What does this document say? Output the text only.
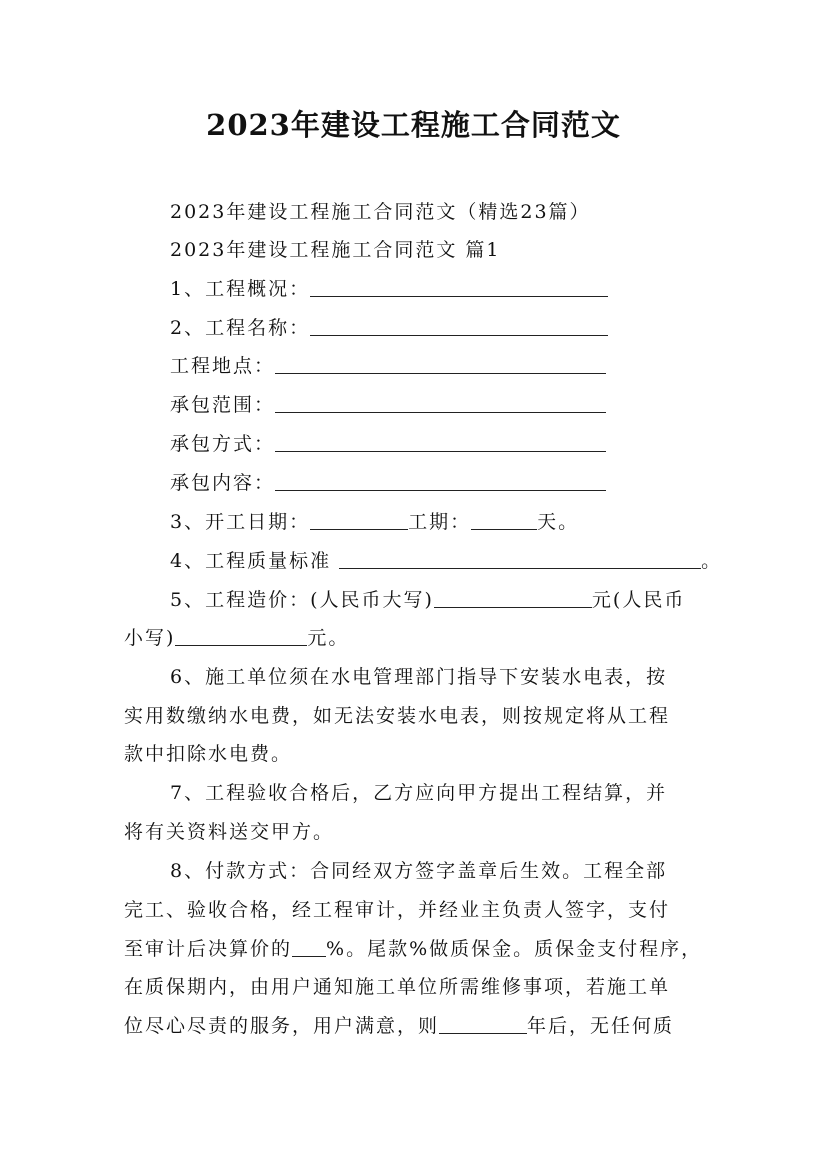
2023年建设工程施工合同范文
2023年建设工程施工合同范文（精选23篇）
2023年建设工程施工合同范文 篇1
1、工程概况：
2、工程名称：
工程地点：
承包范围：
承包方式：
承包内容：
3、开工日期：	工期：	天。
4、工程质量标准	。
5、工程造价：(人民币大写)	元(人民币
小写)	元。
6、施工单位须在水电管理部门指导下安装水电表，按
实用数缴纳水电费，如无法安装水电表，则按规定将从工程
款中扣除水电费。
7、工程验收合格后，乙方应向甲方提出工程结算，并
将有关资料送交甲方。
8、付款方式：合同经双方签字盖章后生效。工程全部
完工、验收合格，经工程审计，并经业主负责人签字，支付
至审计后决算价的 %。尾款%做质保金。质保金支付程序，
在质保期内，由用户通知施工单位所需维修事项，若施工单
位尽心尽责的服务，用户满意，则	年后，无任何质
